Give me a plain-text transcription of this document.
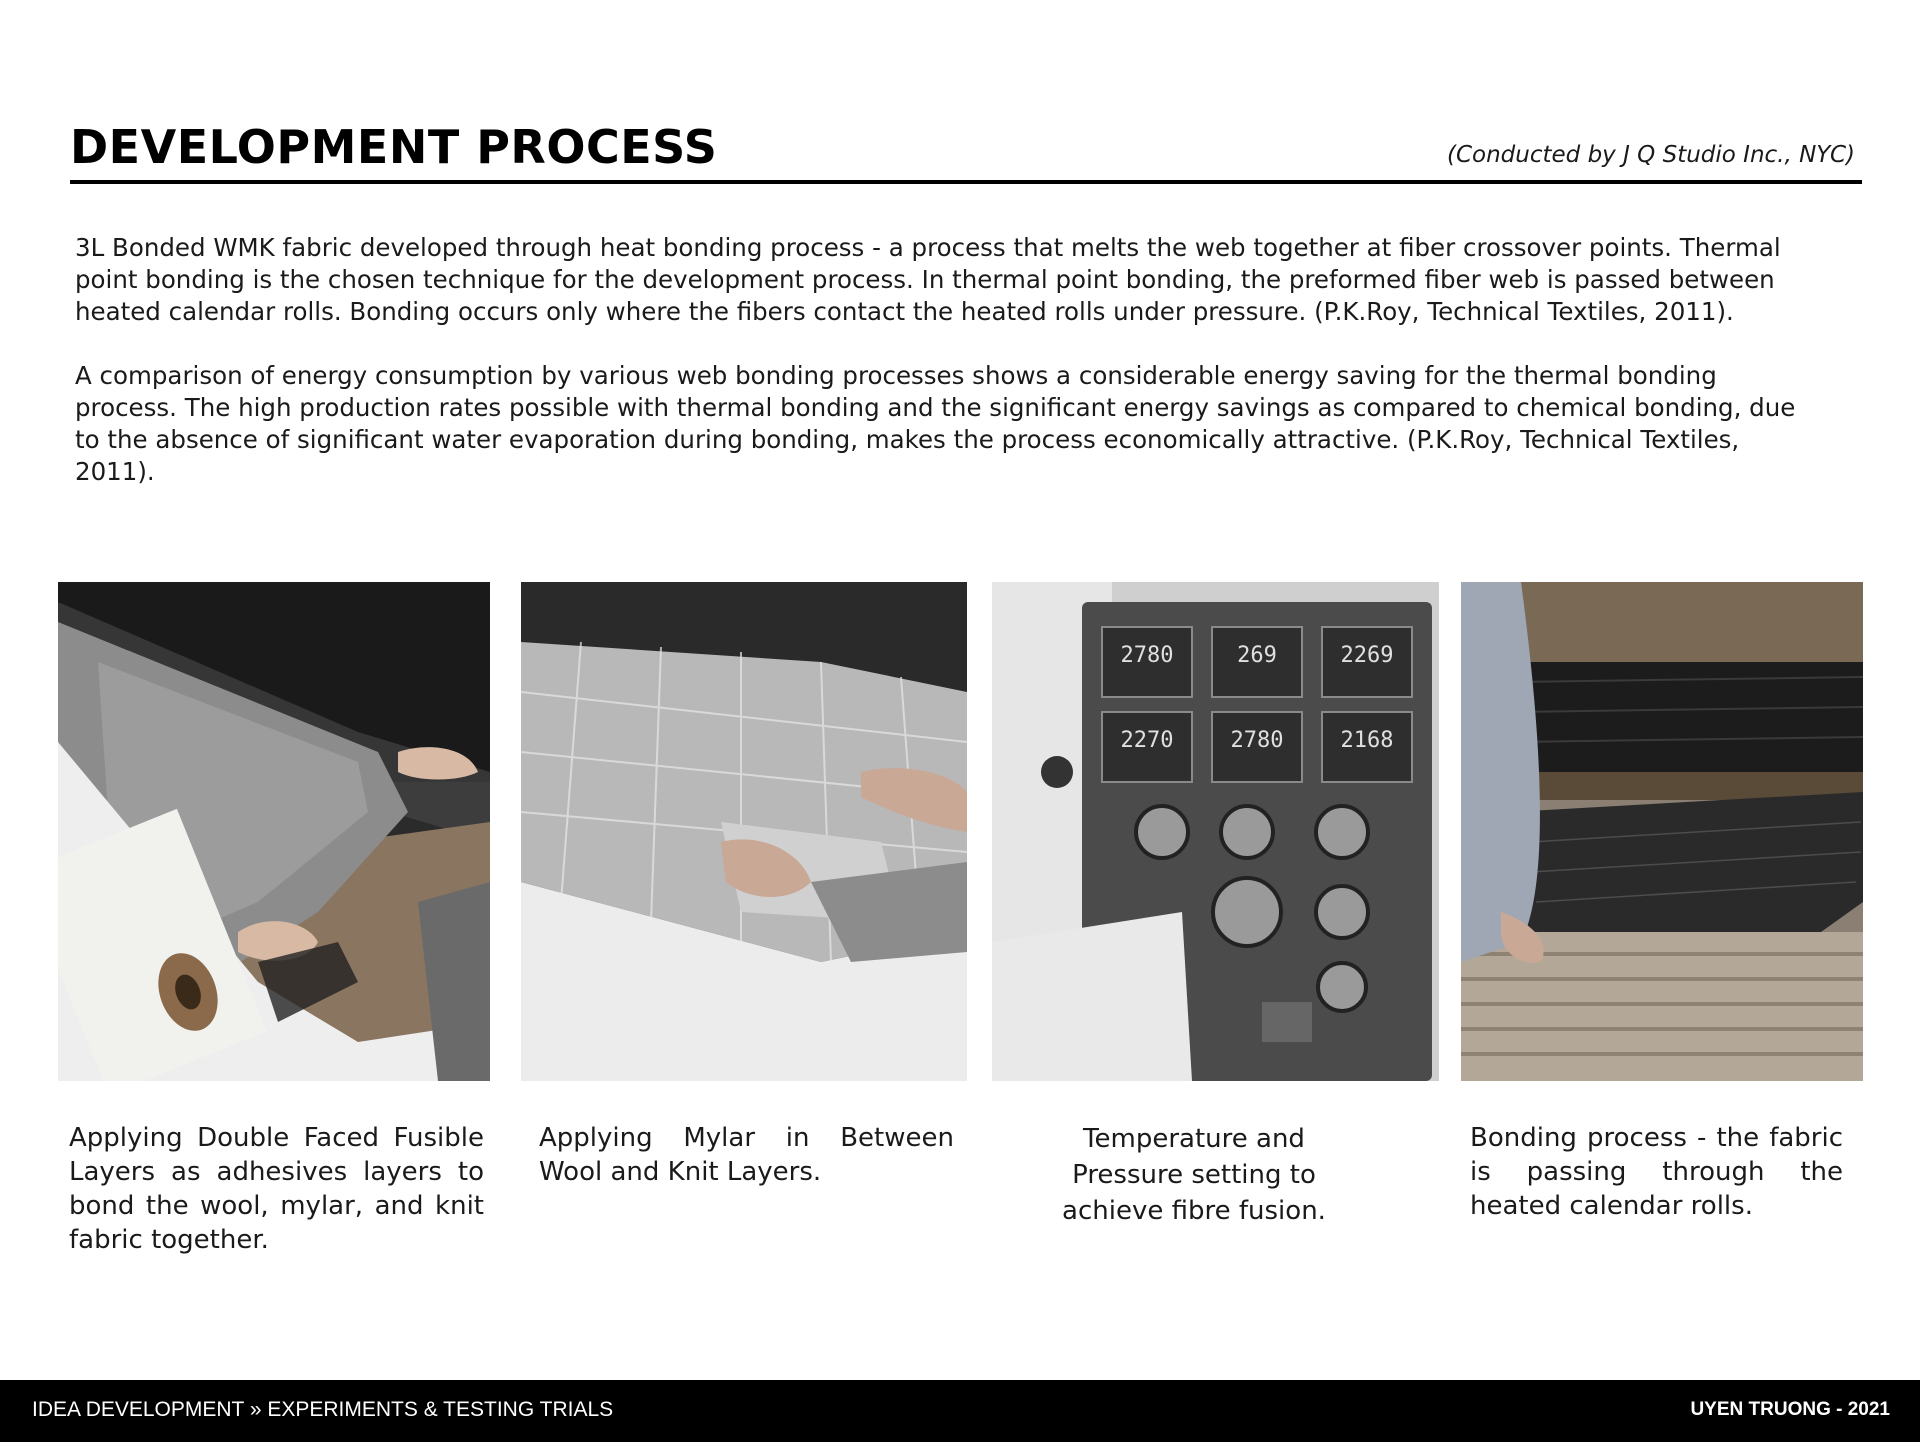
DEVELOPMENT PROCESS	(Conducted by J Q Studio Inc., NYC)

3L Bonded WMK fabric developed through heat bonding process - a process that melts the web together at fiber crossover points. Thermal point bonding is the chosen technique for the development process. In thermal point bonding, the preformed fiber web is passed between heated calendar rolls. Bonding occurs only where the fibers contact the heated rolls under pressure. (P.K.Roy, Technical Textiles, 2011).

A comparison of energy consumption by various web bonding processes shows a considerable energy saving for the thermal bonding process. The high production rates possible with thermal bonding and the significant energy savings as compared to chemical bonding, due to the absence of significant water evaporation during bonding, makes the process economically attractive. (P.K.Roy, Technical Textiles, 2011).

2780	269	2269
2270	2780	2168
Applying Double Faced Fusible Layers as adhesives layers to bond the wool, mylar, and knit fabric together.
Applying Mylar in Between Wool and Knit Layers.
Temperature and Pressure setting to achieve fibre fusion.
Bonding process - the fabric is passing through the heated calendar rolls.
IDEA DEVELOPMENT » EXPERIMENTS & TESTING TRIALS	UYEN TRUONG - 2021
